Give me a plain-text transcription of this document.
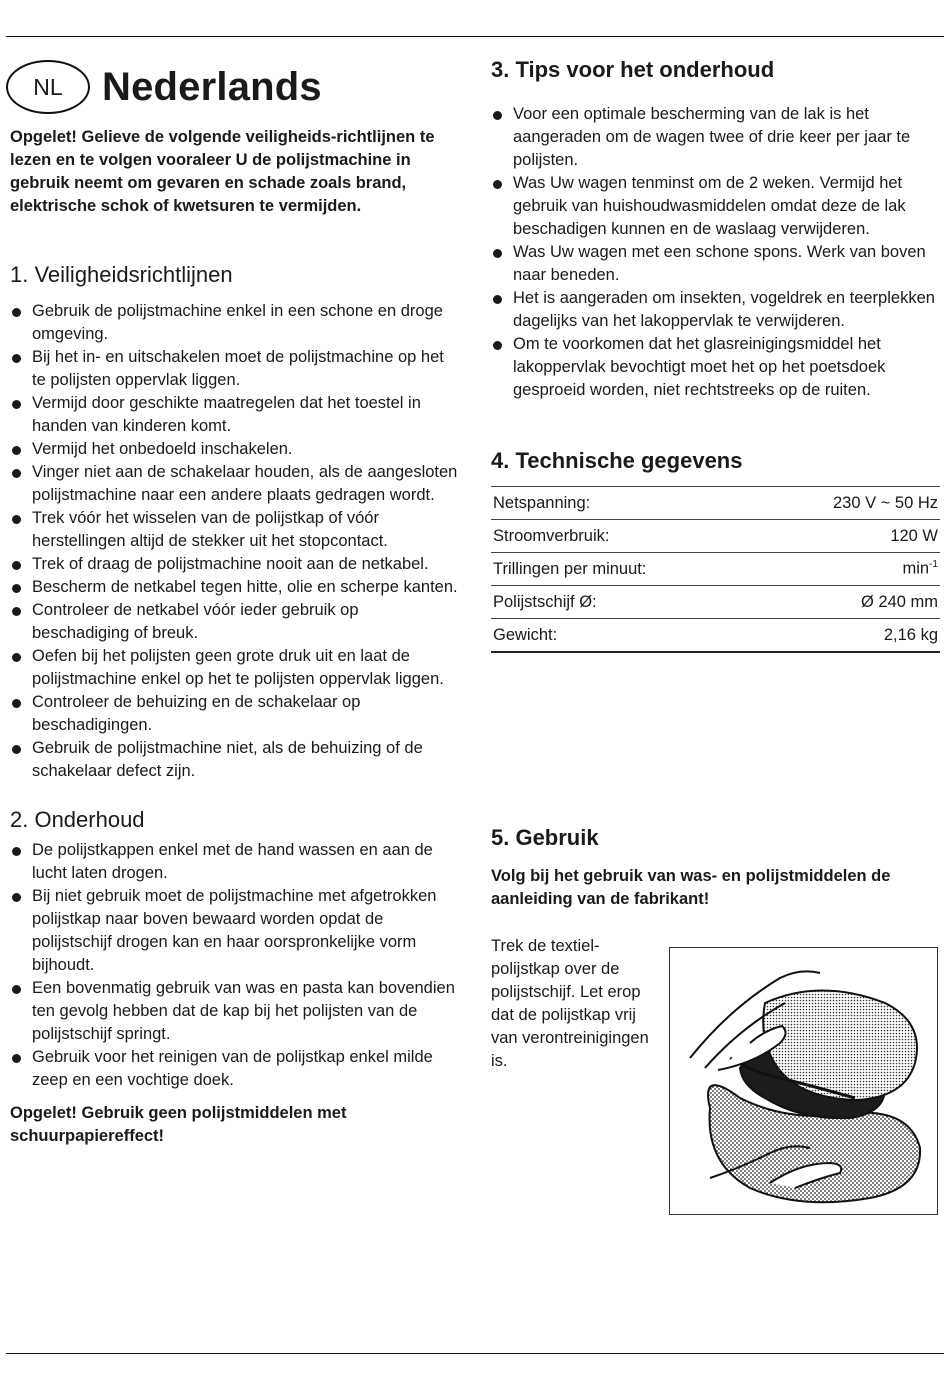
NL Nederlands

Opgelet! Gelieve de volgende veiligheids-richtlijnen te lezen en te volgen vooraleer U de polijstmachine in gebruik neemt om gevaren en schade zoals brand, elektrische schok of kwetsuren te vermijden.

1. Veiligheidsrichtlijnen
Gebruik de polijstmachine enkel in een schone en droge omgeving.
Bij het in- en uitschakelen moet de polijstmachine op het te polijsten oppervlak liggen.
Vermijd door geschikte maatregelen dat het toestel in handen van kinderen komt.
Vermijd het onbedoeld inschakelen.
Vinger niet aan de schakelaar houden, als de aangesloten polijstmachine naar een andere plaats gedragen wordt.
Trek vóór het wisselen van de polijstkap of vóór herstellingen altijd de stekker uit het stopcontact.
Trek of draag de polijstmachine nooit aan de netkabel.
Bescherm de netkabel tegen hitte, olie en scherpe kanten.
Controleer de netkabel vóór ieder gebruik op beschadiging of breuk.
Oefen bij het polijsten geen grote druk uit en laat de polijstmachine enkel op het te polijsten oppervlak liggen.
Controleer de behuizing en de schakelaar op beschadigingen.
Gebruik de polijstmachine niet, als de behuizing of de schakelaar defect zijn.
2. Onderhoud
De polijstkappen enkel met de hand wassen en aan de lucht laten drogen.
Bij niet gebruik moet de polijstmachine met afgetrokken polijstkap naar boven bewaard worden opdat de polijstschijf drogen kan en haar oorspronkelijke vorm bijhoudt.
Een bovenmatig gebruik van was en pasta kan bovendien ten gevolg hebben dat de kap bij het polijsten van de polijstschijf springt.
Gebruik voor het reinigen van de polijstkap enkel milde zeep en een vochtige doek.

Opgelet! Gebruik geen polijstmiddelen met schuurpapiereffect!

3. Tips voor het onderhoud
Voor een optimale bescherming van de lak is het aangeraden om de wagen twee of drie keer per jaar te polijsten.
Was Uw wagen tenminst om de 2 weken. Vermijd het gebruik van huishoudwasmiddelen omdat deze de lak beschadigen kunnen en de waslaag verwijderen.
Was Uw wagen met een schone spons. Werk van boven naar beneden.
Het is aangeraden om insekten, vogeldrek en teerplekken dagelijks van het lakoppervlak te verwijderen.
Om te voorkomen dat het glasreinigingsmiddel het lakoppervlak bevochtigt moet het op het poetsdoek gesproeid worden, niet rechtstreeks op de ruiten.
4. Technische gegevens
Netspanning:	230 V ~ 50 Hz
Stroomverbruik:	120 W
Trillingen per minuut:	$\min^{-1}$
Polijstschijf Ø:	Ø 240 mm
Gewicht:	2,16 kg
5. Gebruik

Volg bij het gebruik van was- en polijstmiddelen de aanleiding van de fabrikant!

Trek de textiel-polijstkap over de polijstschijf. Let erop dat de polijstkap vrij van verontreinigingen is.
